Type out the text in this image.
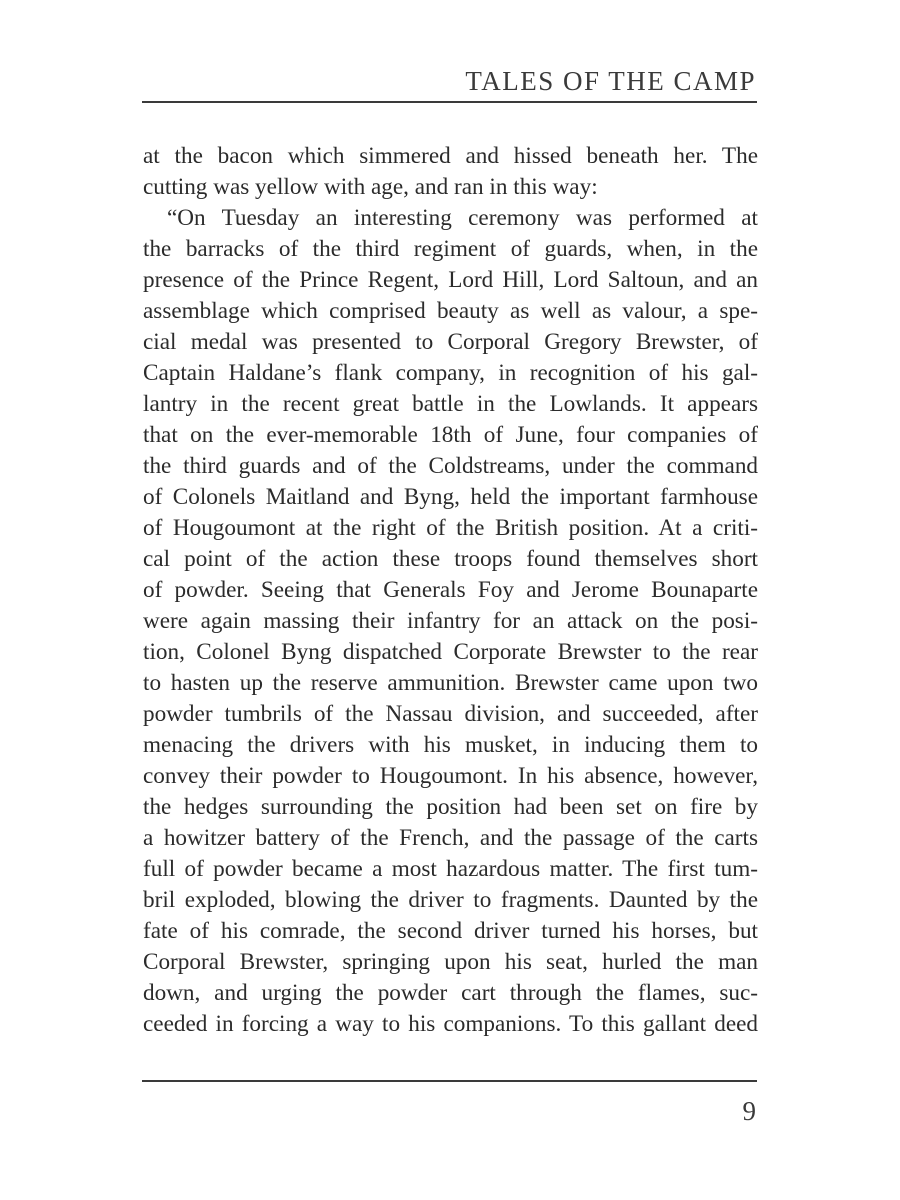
TALES OF THE CAMP
at the bacon which simmered and hissed beneath her. The
cutting was yellow with age, and ran in this way:
“On Tuesday an interesting ceremony was performed at
the barracks of the third regiment of guards, when, in the
presence of the Prince Regent, Lord Hill, Lord Saltoun, and an
assemblage which comprised beauty as well as valour, a spe-
cial medal was presented to Corporal Gregory Brewster, of
Captain Haldane’s flank company, in recognition of his gal-
lantry in the recent great battle in the Lowlands. It appears
that on the ever-memorable 18th of June, four companies of
the third guards and of the Coldstreams, under the command
of Colonels Maitland and Byng, held the important farmhouse
of Hougoumont at the right of the British position. At a criti-
cal point of the action these troops found themselves short
of powder. Seeing that Generals Foy and Jerome Bounaparte
were again massing their infantry for an attack on the posi-
tion, Colonel Byng dispatched Corporate Brewster to the rear
to hasten up the reserve ammunition. Brewster came upon two
powder tumbrils of the Nassau division, and succeeded, after
menacing the drivers with his musket, in inducing them to
convey their powder to Hougoumont. In his absence, however,
the hedges surrounding the position had been set on fire by
a howitzer battery of the French, and the passage of the carts
full of powder became a most hazardous matter. The first tum-
bril exploded, blowing the driver to fragments. Daunted by the
fate of his comrade, the second driver turned his horses, but
Corporal Brewster, springing upon his seat, hurled the man
down, and urging the powder cart through the flames, suc-
ceeded in forcing a way to his companions. To this gallant deed
9
